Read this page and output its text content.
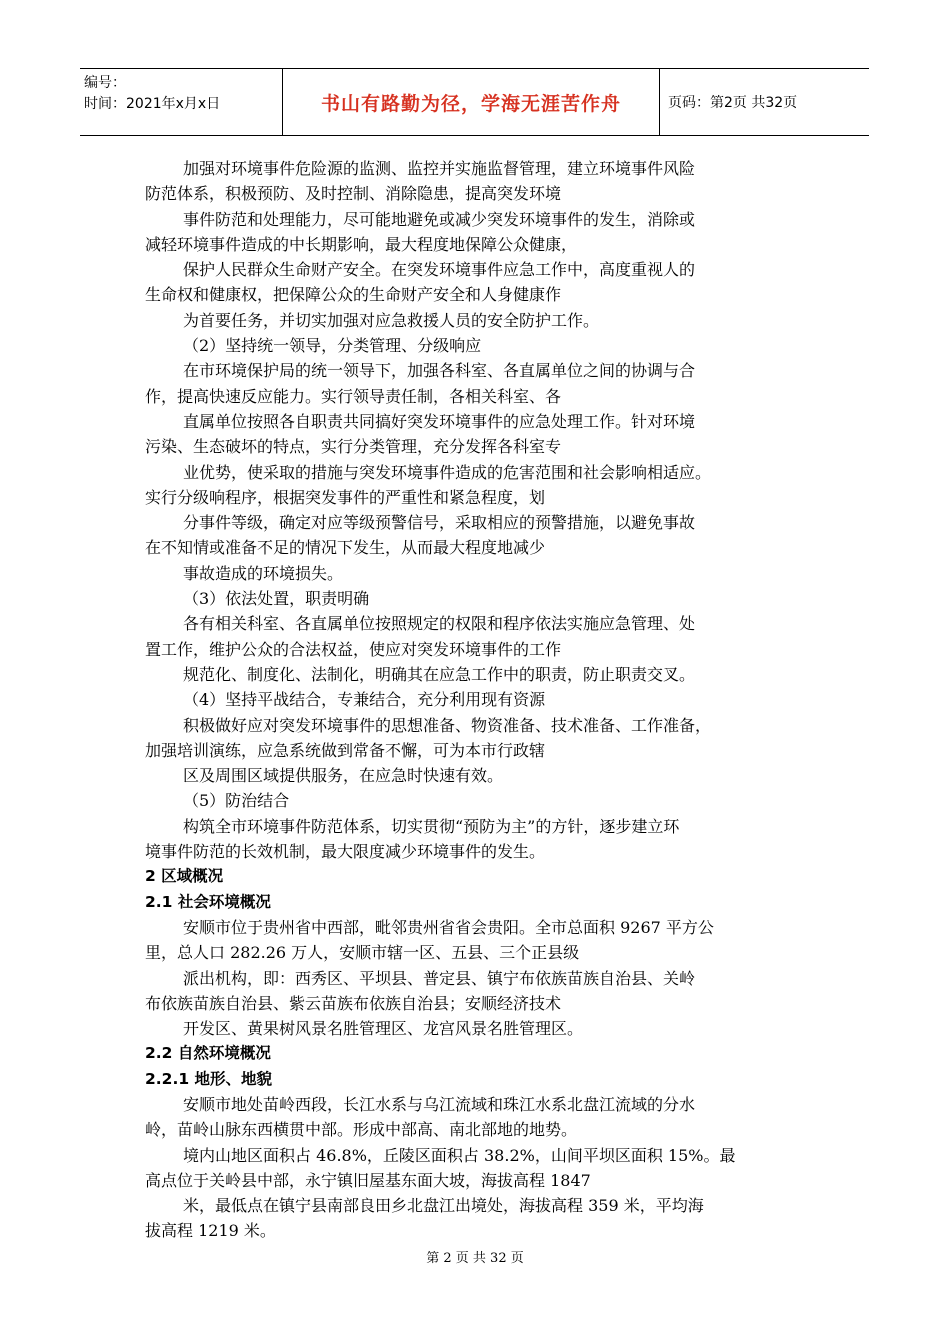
编号：
时间：2021年x月x日	书山有路勤为径，学海无涯苦作舟	页码：第2页 共32页

加强对环境事件危险源的监测、监控并实施监督管理，建立环境事件风险

防范体系，积极预防、及时控制、消除隐患，提高突发环境

事件防范和处理能力，尽可能地避免或减少突发环境事件的发生，消除或

减轻环境事件造成的中长期影响，最大程度地保障公众健康，

保护人民群众生命财产安全。在突发环境事件应急工作中，高度重视人的

生命权和健康权，把保障公众的生命财产安全和人身健康作

为首要任务，并切实加强对应急救援人员的安全防护工作。

（2）坚持统一领导，分类管理、分级响应

在市环境保护局的统一领导下，加强各科室、各直属单位之间的协调与合

作，提高快速反应能力。实行领导责任制，各相关科室、各

直属单位按照各自职责共同搞好突发环境事件的应急处理工作。针对环境

污染、生态破坏的特点，实行分类管理，充分发挥各科室专

业优势，使采取的措施与突发环境事件造成的危害范围和社会影响相适应。

实行分级响程序，根据突发事件的严重性和紧急程度，划

分事件等级，确定对应等级预警信号，采取相应的预警措施，以避免事故

在不知情或准备不足的情况下发生，从而最大程度地减少

事故造成的环境损失。

（3）依法处置，职责明确

各有相关科室、各直属单位按照规定的权限和程序依法实施应急管理、处

置工作，维护公众的合法权益，使应对突发环境事件的工作

规范化、制度化、法制化，明确其在应急工作中的职责，防止职责交叉。

（4）坚持平战结合，专兼结合，充分利用现有资源

积极做好应对突发环境事件的思想准备、物资准备、技术准备、工作准备，

加强培训演练，应急系统做到常备不懈，可为本市行政辖

区及周围区域提供服务，在应急时快速有效。

（5）防治结合

构筑全市环境事件防范体系，切实贯彻“预防为主”的方针，逐步建立环

境事件防范的长效机制，最大限度减少环境事件的发生。

2 区域概况

2.1 社会环境概况

安顺市位于贵州省中西部，毗邻贵州省省会贵阳。全市总面积 9267 平方公

里，总人口 282.26 万人，安顺市辖一区、五县、三个正县级

派出机构，即：西秀区、平坝县、普定县、镇宁布依族苗族自治县、关岭

布依族苗族自治县、紫云苗族布依族自治县；安顺经济技术

开发区、黄果树风景名胜管理区、龙宫风景名胜管理区。

2.2 自然环境概况

2.2.1 地形、地貌

安顺市地处苗岭西段，长江水系与乌江流域和珠江水系北盘江流域的分水

岭，苗岭山脉东西横贯中部。形成中部高、南北部地的地势。

境内山地区面积占 46.8%，丘陵区面积占 38.2%，山间平坝区面积 15%。最

高点位于关岭县中部，永宁镇旧屋基东面大坡，海拔高程 1847

米，最低点在镇宁县南部良田乡北盘江出境处，海拔高程 359 米，平均海

拔高程 1219 米。

第 2 页 共 32 页
